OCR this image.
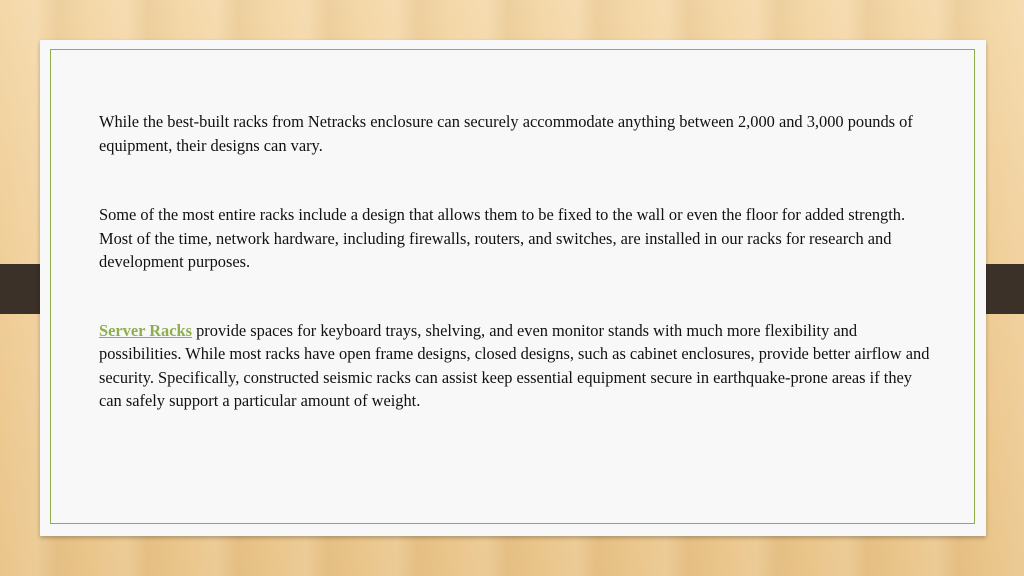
While the best-built racks from Netracks enclosure can securely accommodate anything between 2,000 and 3,000 pounds of equipment, their designs can vary.

Some of the most entire racks include a design that allows them to be fixed to the wall or even the floor for added strength. Most of the time, network hardware, including firewalls, routers, and switches, are installed in our racks for research and development purposes.

Server Racks provide spaces for keyboard trays, shelving, and even monitor stands with much more flexibility and possibilities. While most racks have open frame designs, closed designs, such as cabinet enclosures, provide better airflow and security. Specifically, constructed seismic racks can assist keep essential equipment secure in earthquake-prone areas if they can safely support a particular amount of weight.
